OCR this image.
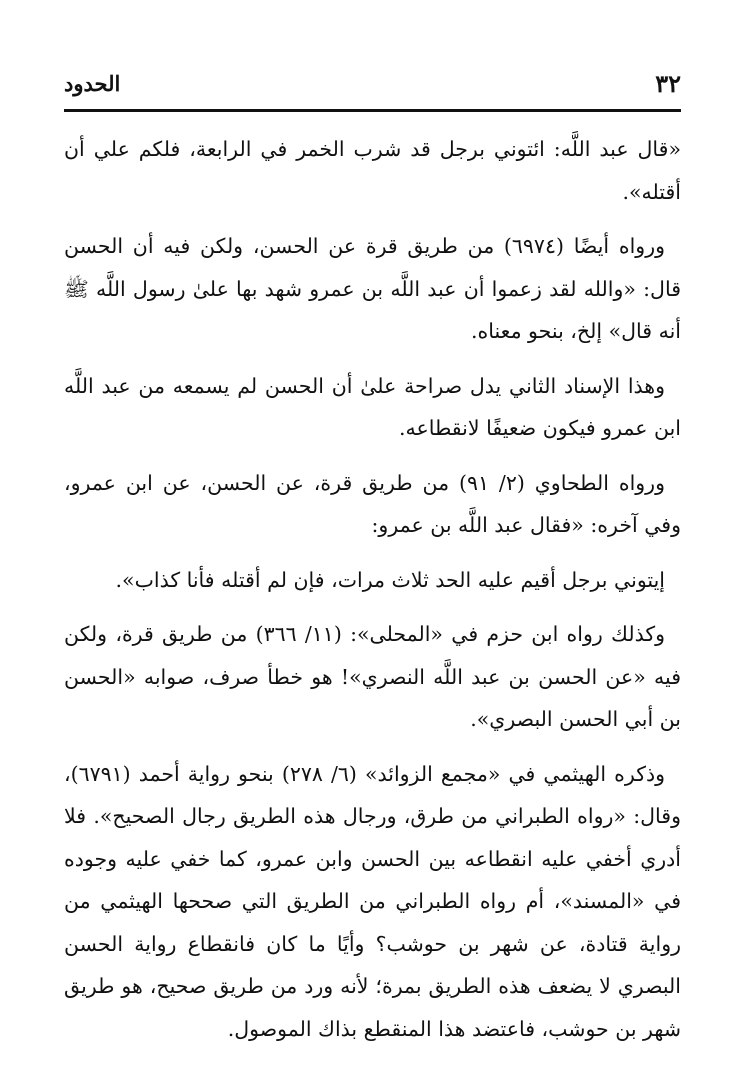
٣٢
الحدود

«قال عبد اللَّه: ائتوني برجل قد شرب الخمر في الرابعة، فلكم علي أن أقتله».

ورواه أيضًا (٦٩٧٤) من طريق قرة عن الحسن، ولكن فيه أن الحسن قال: «والله لقد زعموا أن عبد اللَّه بن عمرو شهد بها علىٰ رسول اللَّه ﷺ أنه قال» إلخ، بنحو معناه.

وهذا الإسناد الثاني يدل صراحة علىٰ أن الحسن لم يسمعه من عبد اللَّه ابن عمرو فيكون ضعيفًا لانقطاعه.

ورواه الطحاوي (٢/ ٩١) من طريق قرة، عن الحسن، عن ابن عمرو، وفي آخره: «فقال عبد اللَّه بن عمرو:

إيتوني برجل أقيم عليه الحد ثلاث مرات، فإن لم أقتله فأنا كذاب».

وكذلك رواه ابن حزم في «المحلى»: (١١/ ٣٦٦) من طريق قرة، ولكن فيه «عن الحسن بن عبد اللَّه النصري»! هو خطأ صرف، صوابه «الحسن بن أبي الحسن البصري».

وذكره الهيثمي في «مجمع الزوائد» (٦/ ٢٧٨) بنحو رواية أحمد (٦٧٩١)، وقال: «رواه الطبراني من طرق، ورجال هذه الطريق رجال الصحيح». فلا أدري أخفي عليه انقطاعه بين الحسن وابن عمرو، كما خفي عليه وجوده في «المسند»، أم رواه الطبراني من الطريق التي صححها الهيثمي من رواية قتادة، عن شهر بن حوشب؟ وأيًا ما كان فانقطاع رواية الحسن البصري لا يضعف هذه الطريق بمرة؛ لأنه ورد من طريق صحيح، هو طريق شهر بن حوشب، فاعتضد هذا المنقطع بذاك الموصول.
